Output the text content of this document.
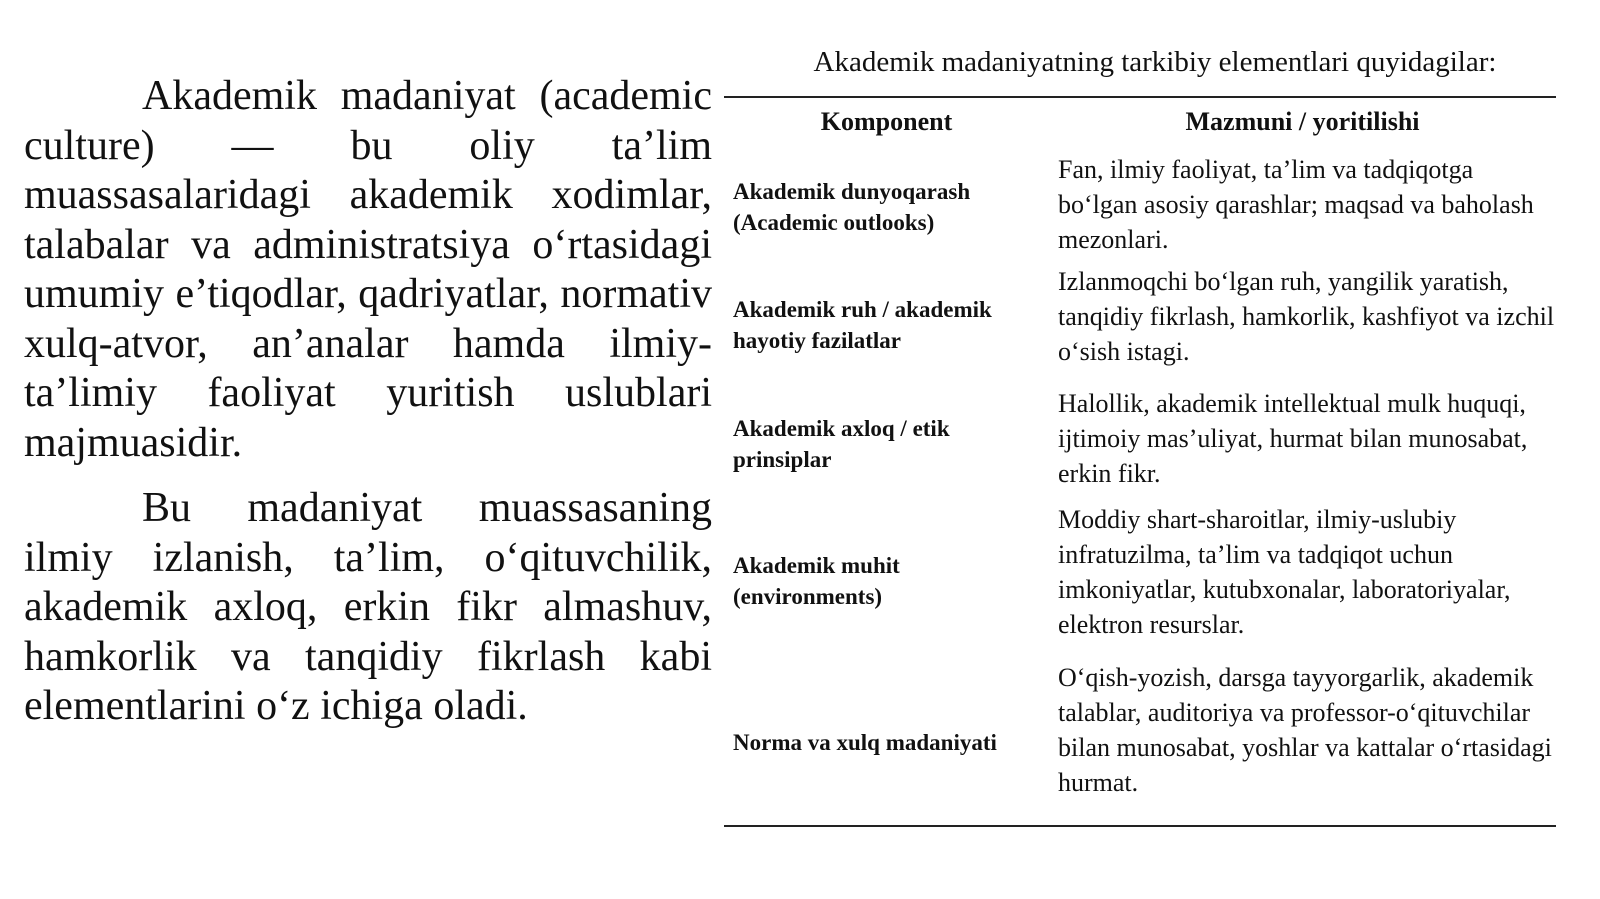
Akademik madaniyat (academic culture) — bu oliy ta’lim muassasalaridagi akademik xodimlar, talabalar va administratsiya o‘rtasidagi umumiy e’tiqodlar, qadriyatlar, normativ xulq-atvor, an’analar hamda ilmiy-ta’limiy faoliyat yuritish uslublari majmuasidir.

Bu madaniyat muassasaning ilmiy izlanish, ta’lim, o‘qituvchilik, akademik axloq, erkin fikr almashuv, hamkorlik va tanqidiy fikrlash kabi elementlarini o‘z ichiga oladi.

Akademik madaniyatning tarkibiy elementlari quyidagilar:
Komponent	Mazmuni / yoritilishi
Akademik dunyoqarash (Academic outlooks)	Fan, ilmiy faoliyat, ta’lim va tadqiqotga bo‘lgan asosiy qarashlar; maqsad va baholash mezonlari.
Akademik ruh / akademik hayotiy fazilatlar	Izlanmoqchi bo‘lgan ruh, yangilik yaratish, tanqidiy fikrlash, hamkorlik, kashfiyot va izchil o‘sish istagi.
Akademik axloq / etik prinsiplar	Halollik, akademik intellektual mulk huquqi, ijtimoiy mas’uliyat, hurmat bilan munosabat, erkin fikr.
Akademik muhit (environments)	Moddiy shart-sharoitlar, ilmiy-uslubiy infratuzilma, ta’lim va tadqiqot uchun imkoniyatlar, kutubxonalar, laboratoriyalar, elektron resurslar.
Norma va xulq madaniyati	O‘qish-yozish, darsga tayyorgarlik, akademik talablar, auditoriya va professor-o‘qituvchilar bilan munosabat, yoshlar va kattalar o‘rtasidagi hurmat.
